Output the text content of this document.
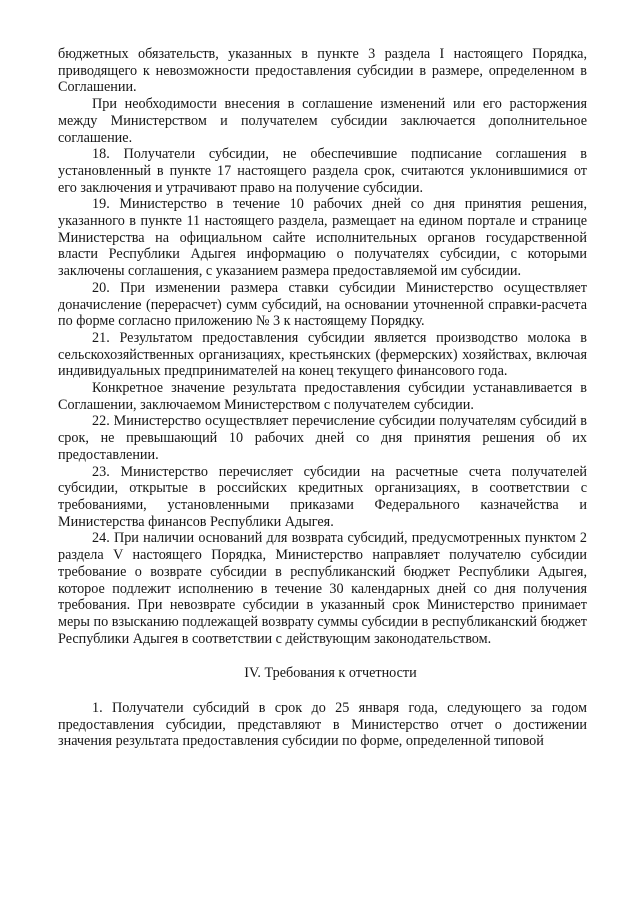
бюджетных обязательств, указанных в пункте 3 раздела I настоящего Порядка, приводящего к невозможности предоставления субсидии в размере, определенном в Соглашении.

При необходимости внесения в соглашение изменений или его расторжения между Министерством и получателем субсидии заключается дополнительное соглашение.

18. Получатели субсидии, не обеспечившие подписание соглашения в установленный в пункте 17 настоящего раздела срок, считаются уклонившимися от его заключения и утрачивают право на получение субсидии.

19. Министерство в течение 10 рабочих дней со дня принятия решения, указанного в пункте 11 настоящего раздела, размещает на едином портале и странице Министерства на официальном сайте исполнительных органов государственной власти Республики Адыгея информацию о получателях субсидии, с которыми заключены соглашения, с указанием размера предоставляемой им субсидии.

20. При изменении размера ставки субсидии Министерство осуществляет доначисление (перерасчет) сумм субсидий, на основании уточненной справки-расчета по форме согласно приложению № 3 к настоящему Порядку.

21. Результатом предоставления субсидии является производство молока в сельскохозяйственных организациях, крестьянских (фермерских) хозяйствах, включая индивидуальных предпринимателей на конец текущего финансового года.

Конкретное значение результата предоставления субсидии устанавливается в Соглашении, заключаемом Министерством с получателем субсидии.

22. Министерство осуществляет перечисление субсидии получателям субсидий в срок, не превышающий 10 рабочих дней со дня принятия решения об их предоставлении.

23. Министерство перечисляет субсидии на расчетные счета получателей субсидии, открытые в российских кредитных организациях, в соответствии с требованиями, установленными приказами Федерального казначейства и Министерства финансов Республики Адыгея.

24. При наличии оснований для возврата субсидий, предусмотренных пунктом 2 раздела V настоящего Порядка, Министерство направляет получателю субсидии требование о возврате субсидии в республиканский бюджет Республики Адыгея, которое подлежит исполнению в течение 30 календарных дней со дня получения требования. При невозврате субсидии в указанный срок Министерство принимает меры по взысканию подлежащей возврату суммы субсидии в республиканский бюджет Республики Адыгея в соответствии с действующим законодательством.

IV. Требования к отчетности

1. Получатели субсидий в срок до 25 января года, следующего за годом предоставления субсидии, представляют в Министерство отчет о достижении значения результата предоставления субсидии по форме, определенной типовой
